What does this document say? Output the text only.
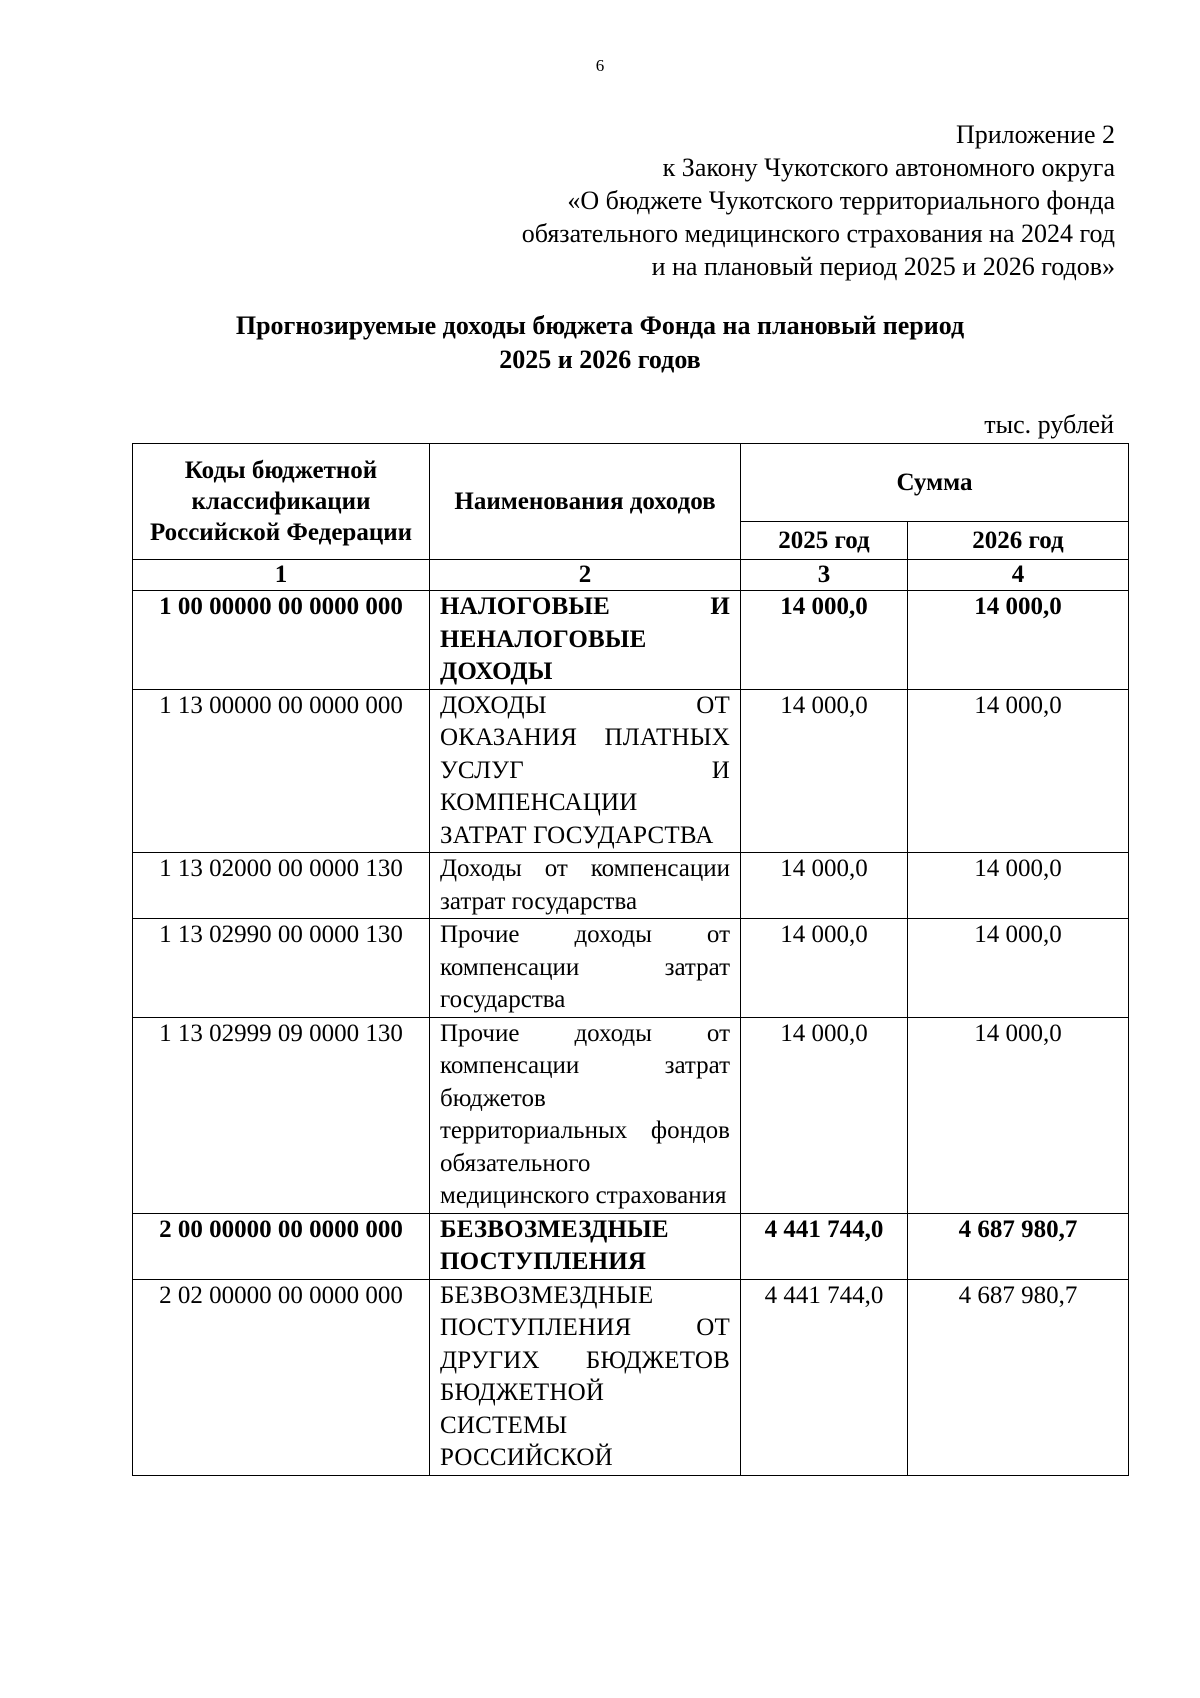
6
Приложение 2
к Закону Чукотского автономного округа
«О бюджете Чукотского территориального фонда
обязательного медицинского страхования на 2024 год
и на плановый период 2025 и 2026 годов»
Прогнозируемые доходы бюджета Фонда на плановый период
2025 и 2026 годов
тыс. рублей
Коды бюджетной классификации Российской Федерации	Наименования доходов	Сумма	
		2025 год	2026 год
1	2	3	4
1 00 00000 00 0000 000	НАЛОГОВЫЕ И НЕНАЛОГОВЫЕ ДОХОДЫ	14 000,0	14 000,0
1 13 00000 00 0000 000	ДОХОДЫ ОТ ОКАЗАНИЯ ПЛАТНЫХ УСЛУГ И КОМПЕНСАЦИИ ЗАТРАТ ГОСУДАРСТВА	14 000,0	14 000,0
1 13 02000 00 0000 130	Доходы от компенсации затрат государства	14 000,0	14 000,0
1 13 02990 00 0000 130	Прочие доходы от компенсации затрат государства	14 000,0	14 000,0
1 13 02999 09 0000 130	Прочие доходы от компенсации затрат бюджетов территориальных фондов обязательного медицинского страхования	14 000,0	14 000,0
2 00 00000 00 0000 000	БЕЗВОЗМЕЗДНЫЕ ПОСТУПЛЕНИЯ	4 441 744,0	4 687 980,7
2 02 00000 00 0000 000	БЕЗВОЗМЕЗДНЫЕ ПОСТУПЛЕНИЯ ОТ ДРУГИХ БЮДЖЕТОВ БЮДЖЕТНОЙ СИСТЕМЫ РОССИЙСКОЙ	4 441 744,0	4 687 980,7
